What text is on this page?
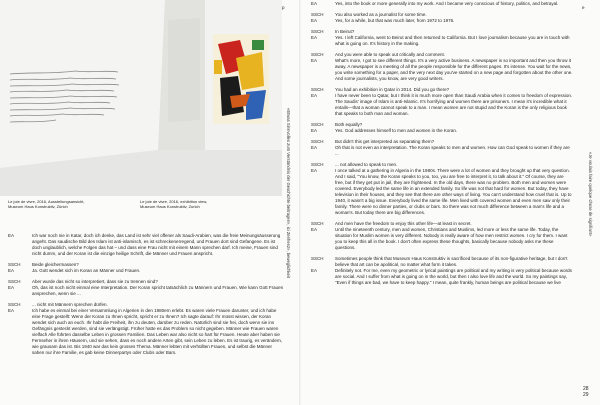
Le joie de vivre, 2016, Ausstellungsansicht,
Museum Haus Konstruktiv, Zürich
Le joie de vivre, 2016, exhibition view,
Museum Haus Konstruktiv, Zurich
p	e
«Etwas Sinnvolles zum Verständnis der Geschichte beitragen», ici Zenhenz», beweglichkeit	«Je voulais faire quelque chose de signifiant»
28
29
EA	Ich war noch nie in Katar, doch ich denke, das Land ist sehr viel offener als Saudi-Arabien, was die freie Meinungsäusserung angeht. Das saudische Bild des Islam ist anti-islamisch, es ist schreckenerregend, und Frauen dort sind Gefangene. Es ist doch unglaublich, welche Folgen das hat – und dass eine Frau nicht mit einem Mann sprechen darf. Ich meine, Frauen sind nicht dumm, und der Koran ist die einzige heilige Schrift, die Männer und Frauen anspricht.
SSCH	Beide gleichermassen?
EA	Ja. Gott wendet sich im Koran an Männer und Frauen.
SSCH	Aber wurde das nicht so interpretiert, dass sie zu trennen sind?
EA	Oh, das ist noch nicht einmal eine Interpretation. Der Koran spricht tatsächlich zu Männern und Frauen. Wie kann Gott Frauen ansprechen, wenn sie ...
SSCH	... nicht mit Männern sprechen dürfen.
EA	Ich habe es einmal bei einer Versammlung in Algerien in den 1980ern erlebt. Es waren viele Frauen darunter, und ich habe eine Frage gestellt: Wenn der Koran zu Ihnen spricht, spricht er zu Ihnen? Ich sagte darauf: Ihr müsst wissen, der Koran wendet sich auch an euch. Ihr habt die Freiheit, ihn zu deuten, darüber zu reden. Natürlich sind sie frei, doch wenn sie ins Gefängnis gesteckt werden, sind sie verlängstigt. Früher hatte es das Problem so nicht gegeben. Männer wie Frauen waren vielfach Alle führten dasselbe Leben in grossen Familien. Das Leben war also nicht so hart für Frauen. Heute aber haben sie Fernseher in ihren Häusern, und sie sehen, dass es noch andere Arten gibt, sein Leben zu leben. Es ist traurig, es verändern, wie grausam das ist. Bis 1940 war das kein grosses Thema. Männer lebten mit verhüllten Frauen, und selbst die Männer sahen nur ihre Familie, es gab keine Dinnerpartys oder Clubs oder Bars.
EA	Yes, into the book or more generally into my work. And I became very conscious of history, politics, and betrayal.
SSCH	You also worked as a journalist for some time.
EA	Yes, for a while, but that was much later, from 1972 to 1976.
SSCH	In Beirut?
EA	Yes. I left California, went to Beirut and then returned to California. But I love journalism because you are in touch with what is going on. It's history in the making.
SSCH	And you were able to speak out critically and comment.
EA	What's more, I got to see different things. It's a very active business. A newspaper is so important and then you throw it away. A newspaper is a meeting of all the people responsible for the different pages. It's intense. You wait for the news, you write something for a paper, and the very next day you've started on a new page and forgotten about the other one. And some journalists, you know, are very good writers.
SSCH	You had an exhibition in Qatar in 2014. Did you go there?
EA	I have never been to Qatar, but I think it is much more open than Saudi Arabia when it comes to freedom of expression. The Saudis' image of Islam is anti-Islamic. It's horrifying and women there are prisoners. I mean it's incredible what it entails—that a woman cannot speak to a man. I mean women are not stupid and the Koran is the only religious book that speaks to both man and woman.
SSCH	Both equally?
EA	Yes. God addresses himself to men and women in the Koran.
SSCH	But didn't this get interpreted as separating them?
EA	Oh that is not even an interpretation. The Koran speaks to men and women. How can God speak to women if they are ...
SSCH	... not allowed to speak to men.
EA	I once talked at a gathering in Algeria in the 1980s. There were a lot of women and they brought up that very question. And I said, "You know, the Koran speaks to you, too, you are free to interpret it, to talk about it." Of course, they are free, but if they get put in jail, they are frightened. In the old days, there was no problem. Both men and women were covered. Everybody led the same life in an extended family. So life was not that hard for women. But today, they have television in their houses, and they see that there are other ways of living. You can't understand how cruel that is. Up to 1940, it wasn't a big issue. Everybody lived the same life. Men lived with covered women and even men saw only their family. There were no dinner parties, or clubs or bars. So there was not much difference between a man's life and a woman's. But today there are big differences.
SSCH	And men have the freedom to enjoy this other life—at least in secret.
EA	Until the nineteenth century, men and women, Christians and Muslims, led more or less the same life. Today, the situation for Muslim women is very different. Nobody is really aware of how men restrict women. I cry for them. I want you to keep this all in the book. I don't often express these thoughts, basically because nobody asks me these questions.
SSCH	Sometimes people think that Museum Haus Konstruktiv is sacrificed because of its non-figurative heritage, but I don't believe that art can be apolitical, no matter what form it takes.
EA	Definitely not. For me, even my geometric or lyrical paintings are political and my writing is very political because words are social. And I suffer from what is going on in the world, but then I also love life and the world. So my paintings say, "Even if things are bad, we have to keep happy." I mean, quite frankly, human beings are political because we live
